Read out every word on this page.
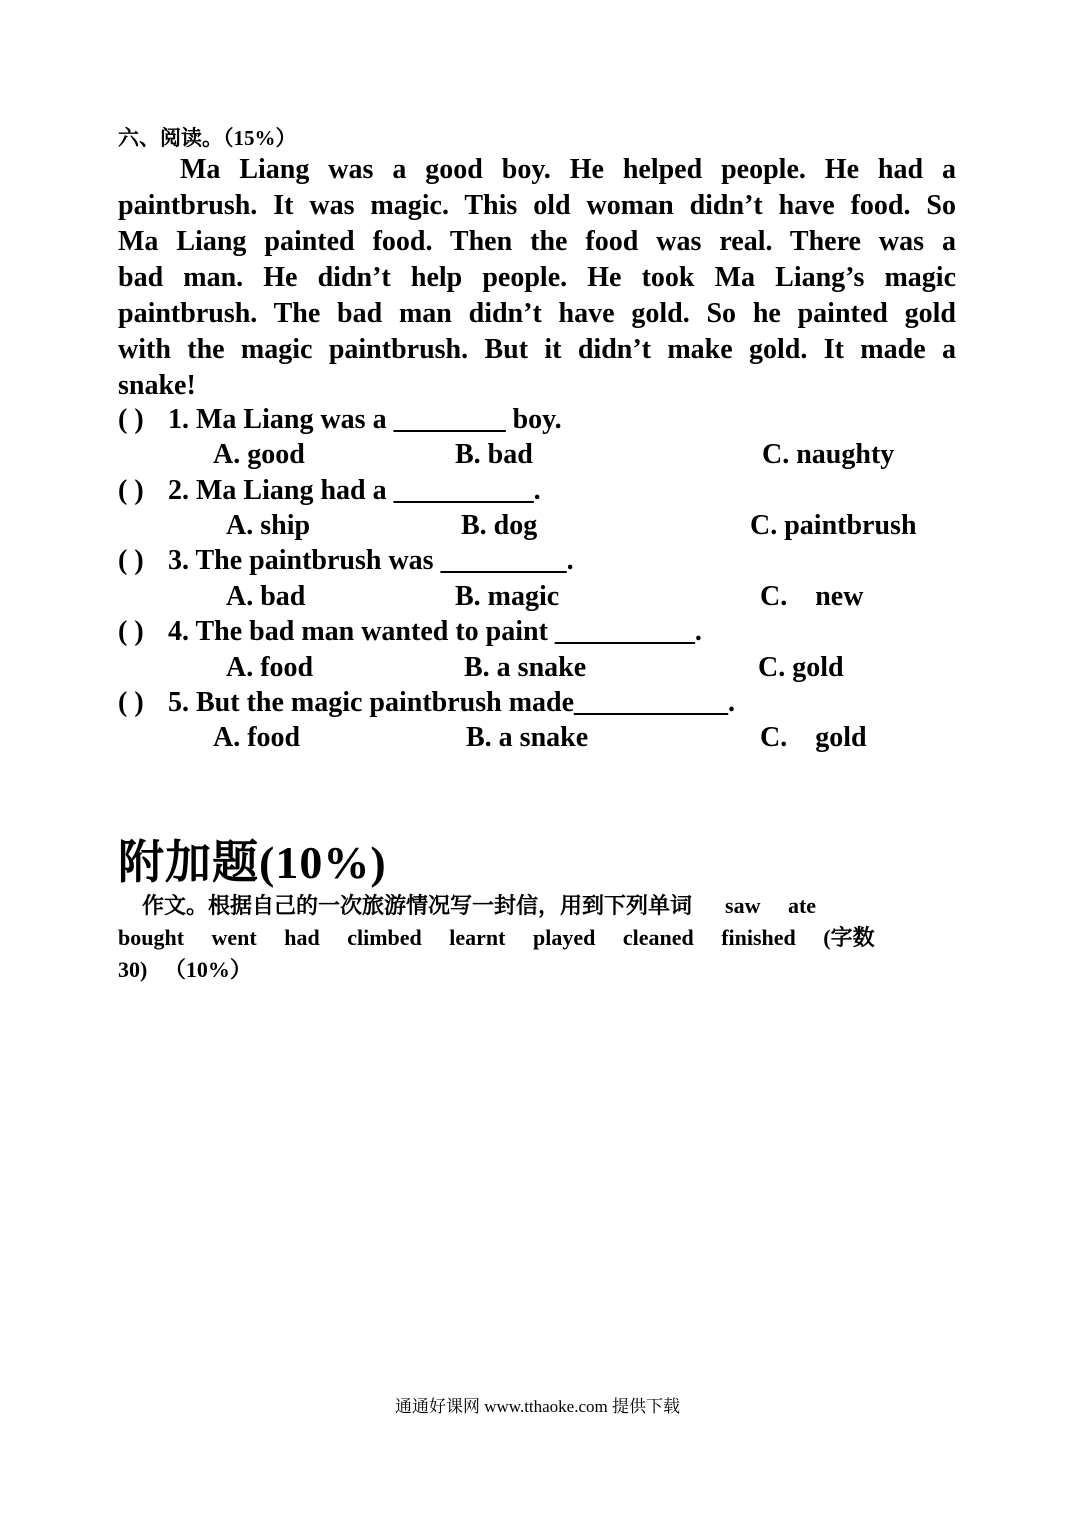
六、阅读。（15%）
Ma Liang was a good boy. He helped people. He had a
paintbrush. It was magic. This old woman didn’t have food. So
Ma Liang painted food. Then the food was real. There was a
bad man. He didn’t help people. He took Ma Liang’s magic
paintbrush. The bad man didn’t have gold. So he painted gold
with the magic paintbrush. But it didn’t make gold. It made a
snake!
( ) 1. Ma Liang was a ________ boy.
A. good	B. bad	C. naughty
( ) 2. Ma Liang had a __________.
A. ship	B. dog	C. paintbrush
( ) 3. The paintbrush was _________.
A. bad	B. magic	C.    new
( ) 4. The bad man wanted to paint __________.
A. food	B. a snake	C. gold
( ) 5. But the magic paintbrush made___________.
A. food	B. a snake	C.    gold
附加题(10%)
作文。根据自己的一次旅游情况写一封信，用到下列单词      saw     ate
bought     went     had     climbed     learnt     played     cleaned     finished     (字数
30)   （10%）
通通好课网 www.tthaoke.com 提供下载
